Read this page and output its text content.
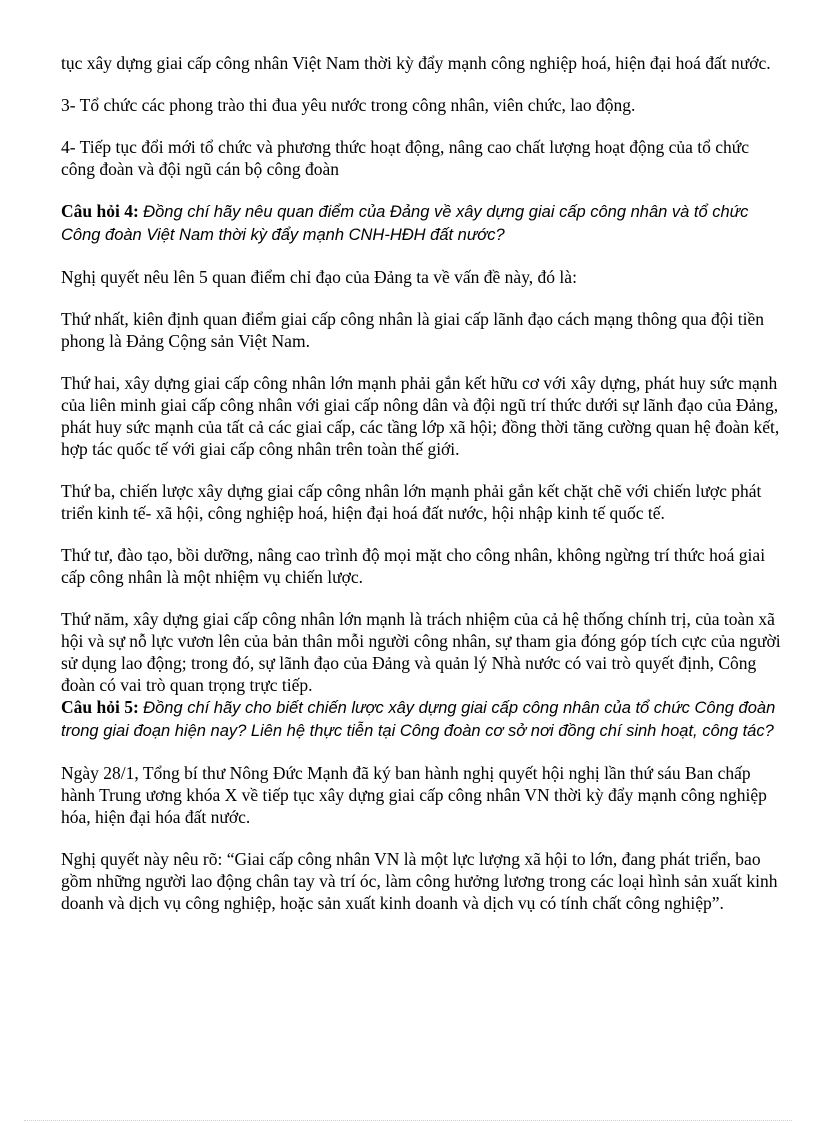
tục xây dựng giai cấp công nhân Việt Nam thời kỳ đẩy mạnh công nghiệp hoá, hiện đại hoá đất nước.

3- Tổ chức các phong trào thi đua yêu nước trong công nhân, viên chức, lao động.

4- Tiếp tục đổi mới tổ chức và phương thức hoạt động, nâng cao chất lượng hoạt động của tổ chức công đoàn và đội ngũ cán bộ công đoàn

Câu hỏi 4: Đồng chí hãy nêu quan điểm của Đảng về xây dựng giai cấp công nhân và tổ chức Công đoàn Việt Nam thời kỳ đẩy mạnh CNH-HĐH đất nước?

Nghị quyết nêu lên 5 quan điểm chỉ đạo của Đảng ta về vấn đề này, đó là:

Thứ nhất, kiên định quan điểm giai cấp công nhân là giai cấp lãnh đạo cách mạng thông qua đội tiền phong là Đảng Cộng sản Việt Nam.

Thứ hai, xây dựng giai cấp công nhân lớn mạnh phải gắn kết hữu cơ với xây dựng, phát huy sức mạnh của liên minh giai cấp công nhân với giai cấp nông dân và đội ngũ trí thức dưới sự lãnh đạo của Đảng, phát huy sức mạnh của tất cả các giai cấp, các tầng lớp xã hội; đồng thời tăng cường quan hệ đoàn kết, hợp tác quốc tế với giai cấp công nhân trên toàn thế giới.

Thứ ba, chiến lược xây dựng giai cấp công nhân lớn mạnh phải gắn kết chặt chẽ với chiến lược phát triển kinh tế- xã hội, công nghiệp hoá, hiện đại hoá đất nước, hội nhập kinh tế quốc tế.

Thứ tư, đào tạo, bồi dưỡng, nâng cao trình độ mọi mặt cho công nhân, không ngừng trí thức hoá giai cấp công nhân là một nhiệm vụ chiến lược.

Thứ năm, xây dựng giai cấp công nhân lớn mạnh là trách nhiệm của cả hệ thống chính trị, của toàn xã hội và sự nỗ lực vươn lên của bản thân mỗi người công nhân, sự tham gia đóng góp tích cực của người sử dụng lao động; trong đó, sự lãnh đạo của Đảng và quản lý Nhà nước có vai trò quyết định, Công đoàn có vai trò quan trọng trực tiếp.

Câu hỏi 5: Đồng chí hãy cho biết chiến lược xây dựng giai cấp công nhân của tổ chức Công đoàn trong giai đoạn hiện nay? Liên hệ thực tiễn tại Công đoàn cơ sở nơi đồng chí sinh hoạt, công tác?

Ngày 28/1, Tổng bí thư Nông Đức Mạnh đã ký ban hành nghị quyết hội nghị lần thứ sáu Ban chấp hành Trung ương khóa X về tiếp tục xây dựng giai cấp công nhân VN thời kỳ đẩy mạnh công nghiệp hóa, hiện đại hóa đất nước.

Nghị quyết này nêu rõ: “Giai cấp công nhân VN là một lực lượng xã hội to lớn, đang phát triển, bao gồm những người lao động chân tay và trí óc, làm công hưởng lương trong các loại hình sản xuất kinh doanh và dịch vụ công nghiệp, hoặc sản xuất kinh doanh và dịch vụ có tính chất công nghiệp”.
